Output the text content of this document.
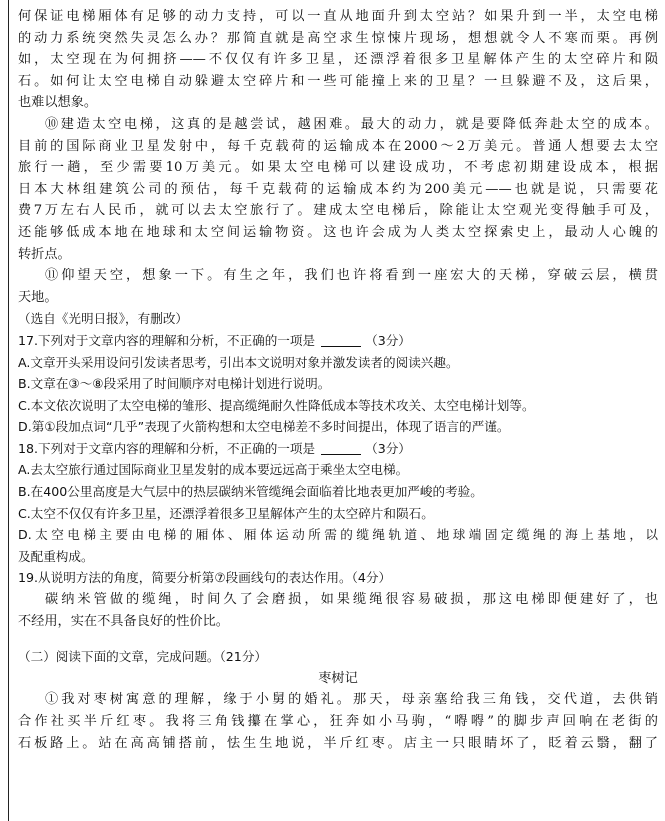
何保证电梯厢体有足够的动力支持，可以一直从地面升到太空站？如果升到一半，太空电梯
的动力系统突然失灵怎么办？那简直就是高空求生惊悚片现场，想想就令人不寒而栗。再例
如，太空现在为何拥挤——不仅仅有许多卫星，还漂浮着很多卫星解体产生的太空碎片和陨
石。如何让太空电梯自动躲避太空碎片和一些可能撞上来的卫星？一旦躲避不及，这后果，
也难以想象。
⑩建造太空电梯，这真的是越尝试，越困难。最大的动力，就是要降低奔赴太空的成本。
目前的国际商业卫星发射中，每千克载荷的运输成本在2000～2万美元。普通人想要去太空
旅行一趟，至少需要10万美元。如果太空电梯可以建设成功，不考虑初期建设成本，根据
日本大林组建筑公司的预估，每千克载荷的运输成本约为200美元——也就是说，只需要花
费7万左右人民币，就可以去太空旅行了。建成太空电梯后，除能让太空观光变得触手可及，
还能够低成本地在地球和太空间运输物资。这也许会成为人类太空探索史上，最动人心魄的
转折点。
⑪仰望天空，想象一下。有生之年，我们也许将看到一座宏大的天梯，穿破云层，横贯
天地。
（选自《光明日报》，有删改）
17.下列对于文章内容的理解和分析，不正确的一项是	（3分）
A.文章开头采用设问引发读者思考，引出本文说明对象并激发读者的阅读兴趣。
B.文章在③～⑧段采用了时间顺序对电梯计划进行说明。
C.本文依次说明了太空电梯的雏形、提高缆绳耐久性降低成本等技术攻关、太空电梯计划等。
D.第①段加点词“几乎”表现了火箭构想和太空电梯差不多时间提出，体现了语言的严谨。
18.下列对于文章内容的理解和分析，不正确的一项是	（3分）
A.去太空旅行通过国际商业卫星发射的成本要远远高于乘坐太空电梯。
B.在400公里高度是大气层中的热层碳纳米管缆绳会面临着比地表更加严峻的考验。
C.太空不仅仅有许多卫星，还漂浮着很多卫星解体产生的太空碎片和陨石。
D.太空电梯主要由电梯的厢体、厢体运动所需的缆绳轨道、地球端固定缆绳的海上基地，以
及配重构成。
19.从说明方法的角度，简要分析第⑦段画线句的表达作用。（4分）
碳纳米管做的缆绳，时间久了会磨损，如果缆绳很容易破损，那这电梯即便建好了，也
不经用，实在不具备良好的性价比。
（二）阅读下面的文章，完成问题。（21分）
枣树记
①我对枣树寓意的理解，缘于小舅的婚礼。那天，母亲塞给我三角钱，交代道，去供销
合作社买半斤红枣。我将三角钱攥在掌心，狂奔如小马驹，“嘚嘚”的脚步声回响在老街的
石板路上。站在高高铺搭前，怯生生地说，半斤红枣。店主一只眼睛坏了，眨着云翳，翻了
